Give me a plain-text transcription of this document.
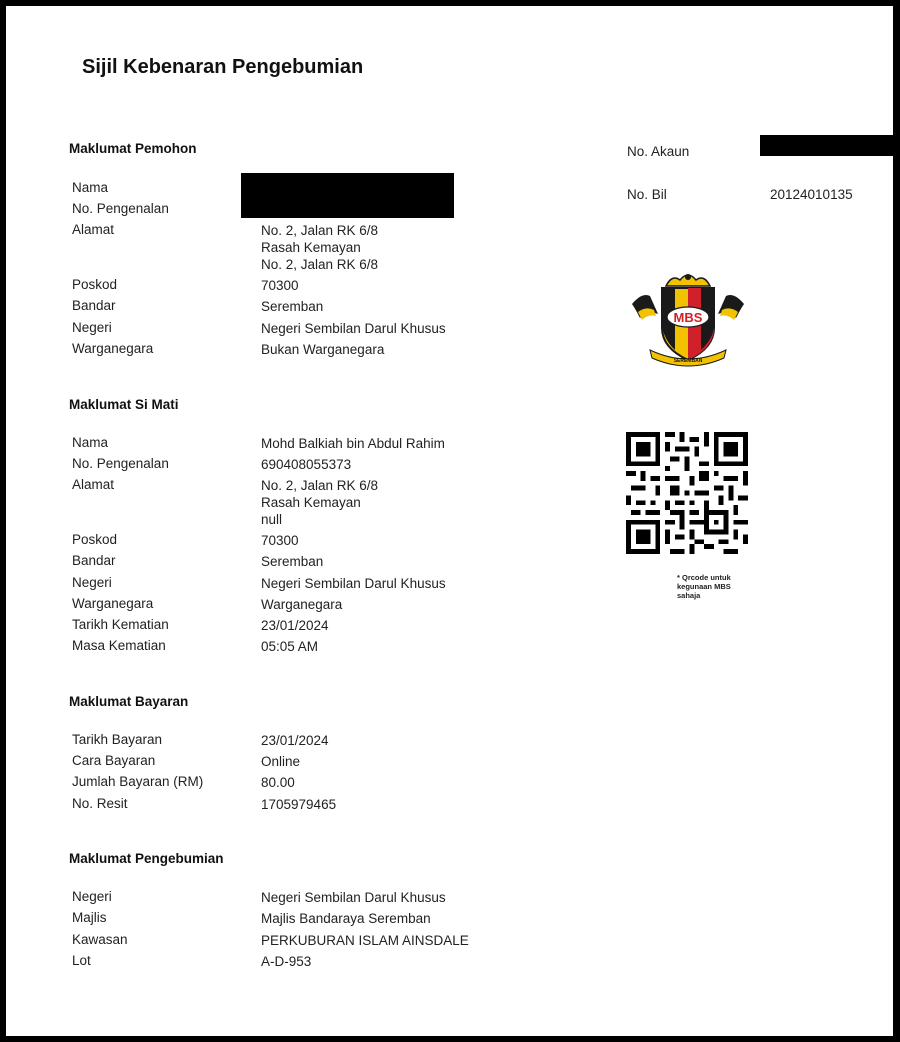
Sijil Kebenaran Pengebumian
No. Akaun
No. Bil	20124010135
MBS
SEREMBAN
* Qrcode untuk
kegunaan MBS
sahaja
Maklumat Pemohon
Nama
No. Pengenalan
Alamat	No. 2, Jalan RK 6/8
Rasah Kemayan
No. 2, Jalan RK 6/8
Poskod	70300
Bandar	Seremban
Negeri	Negeri Sembilan Darul Khusus
Warganegara	Bukan Warganegara
Maklumat Si Mati
Nama	Mohd Balkiah bin Abdul Rahim
No. Pengenalan	690408055373
Alamat	No. 2, Jalan RK 6/8
Rasah Kemayan
null
Poskod	70300
Bandar	Seremban
Negeri	Negeri Sembilan Darul Khusus
Warganegara	Warganegara
Tarikh Kematian	23/01/2024
Masa Kematian	05:05 AM
Maklumat Bayaran
Tarikh Bayaran	23/01/2024
Cara Bayaran	Online
Jumlah Bayaran (RM)	80.00
No. Resit	1705979465
Maklumat Pengebumian
Negeri	Negeri Sembilan Darul Khusus
Majlis	Majlis Bandaraya Seremban
Kawasan	PERKUBURAN ISLAM AINSDALE
Lot	A-D-953
